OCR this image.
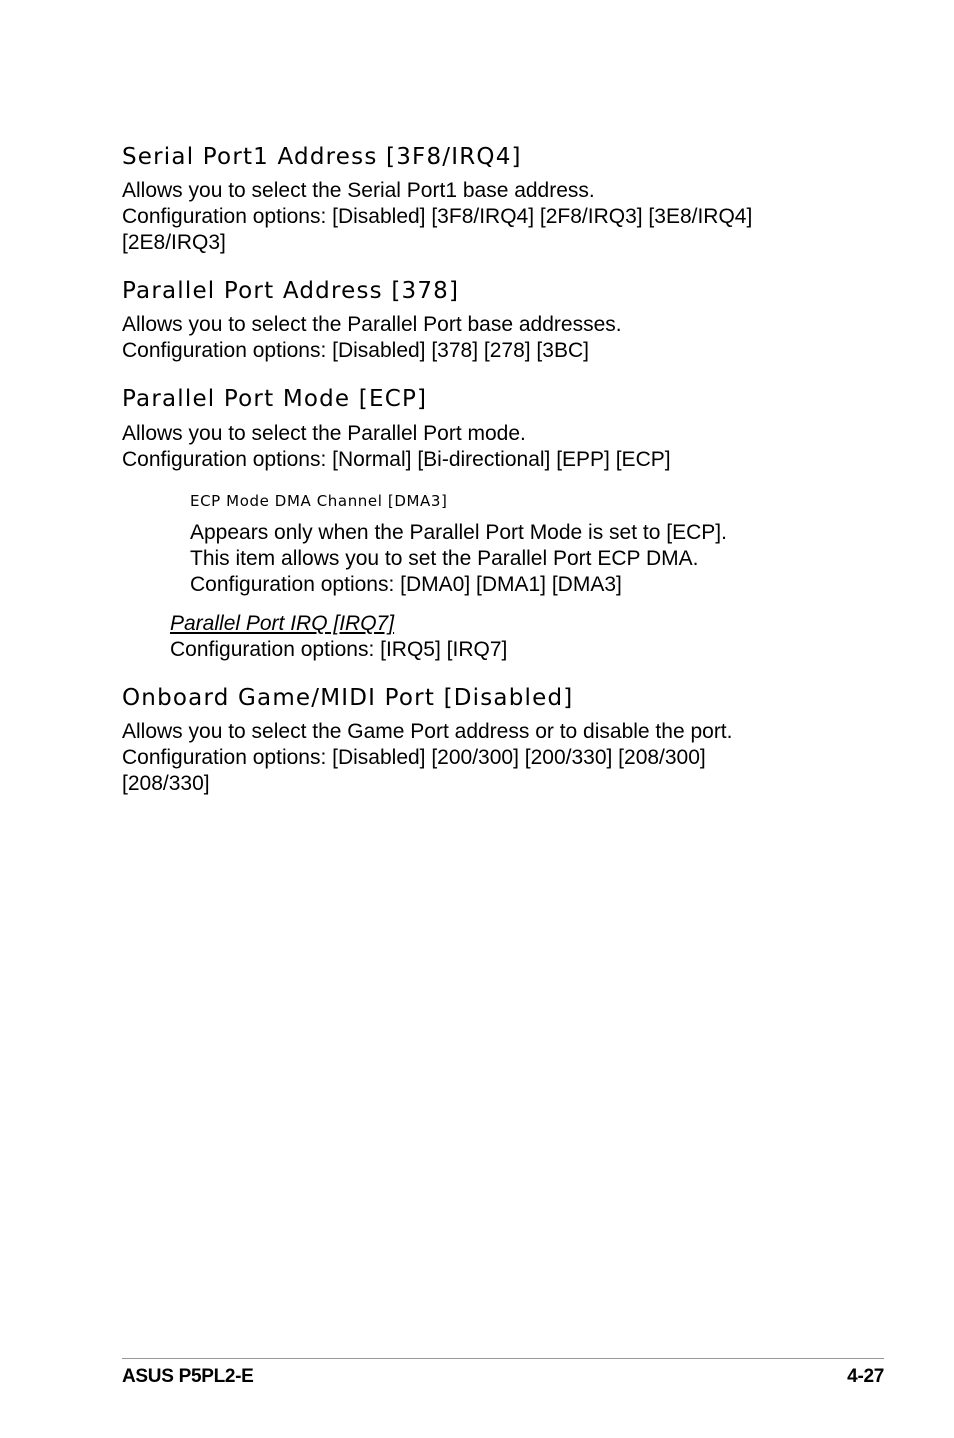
Serial Port1 Address [3F8/IRQ4]

Allows you to select the Serial Port1 base address.

Configuration options: [Disabled] [3F8/IRQ4] [2F8/IRQ3] [3E8/IRQ4]

[2E8/IRQ3]

Parallel Port Address [378]

Allows you to select the Parallel Port base addresses.

Configuration options: [Disabled] [378] [278] [3BC]

Parallel Port Mode [ECP]

Allows you to select the Parallel Port mode.

Configuration options: [Normal] [Bi-directional] [EPP] [ECP]

ECP Mode DMA Channel [DMA3]

Appears only when the Parallel Port Mode is set to [ECP].

This item allows you to set the Parallel Port ECP DMA.

Configuration options: [DMA0] [DMA1] [DMA3]

Parallel Port IRQ [IRQ7]

Configuration options: [IRQ5] [IRQ7]

Onboard Game/MIDI Port [Disabled]

Allows you to select the Game Port address or to disable the port.

Configuration options: [Disabled] [200/300] [200/330] [208/300]

[208/330]

ASUS P5PL2-E	4-27
